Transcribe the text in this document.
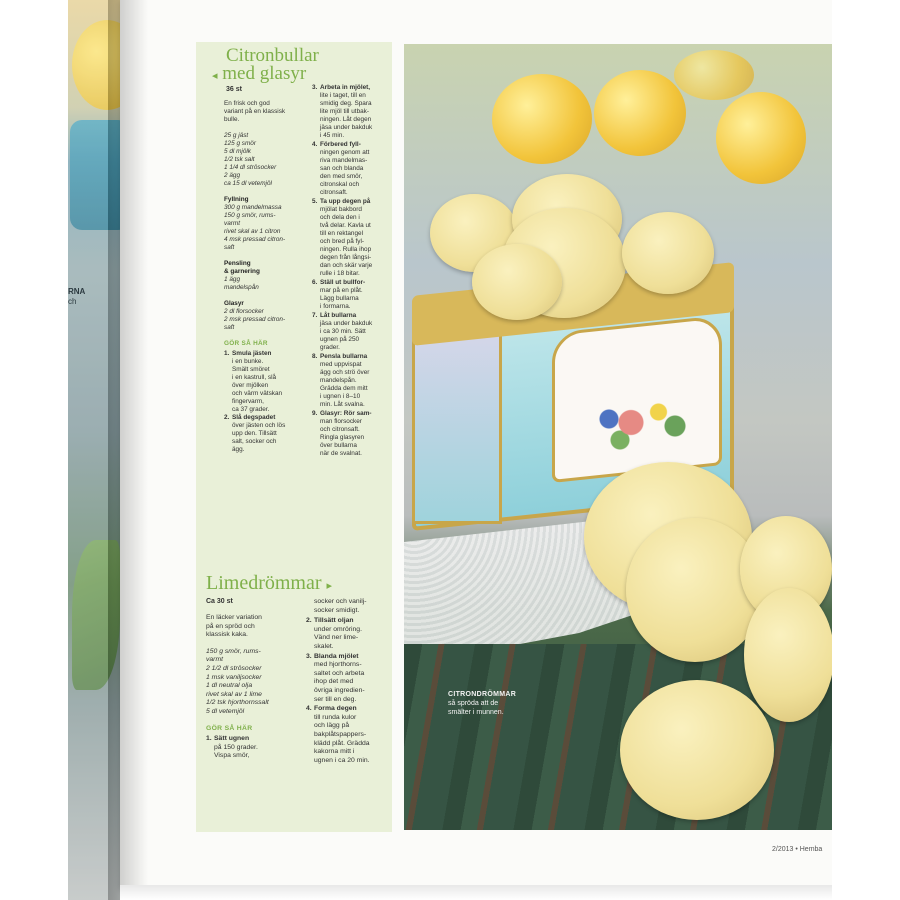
RNA
ch
Citronbullar
◂ med glasyr
36 st

En frisk och god
variant på en klassisk
bulle.

25 g jäst
125 g smör
5 dl mjölk
1/2 tsk salt
1 1/4 dl strösocker
2 ägg
ca 15 dl vetemjöl

Fyllning
300 g mandelmassa
150 g smör, rums-
varmt
rivet skal av 1 citron
4 msk pressad citron-
saft

Pensling
& garnering
1 ägg
mandelspån

Glasyr
2 dl florsocker
2 msk pressad citron-
saft

GÖR SÅ HÄR
1. Smula jästen
i en bunke.
Smält smöret
i en kastrull, slå
över mjölken
och värm vätskan
fingervarm,
ca 37 grader.
2. Slå degspadet
över jästen och lös
upp den. Tillsätt
salt, socker och
ägg.
3. Arbeta in mjölet,
lite i taget, till en
smidig deg. Spara
lite mjöl till utbak-
ningen. Låt degen
jäsa under bakduk
i 45 min.
4. Förbered fyll-
ningen genom att
riva mandelmas-
san och blanda
den med smör,
citronskal och
citronsaft.
5. Ta upp degen på
mjölat bakbord
och dela den i
två delar. Kavla ut
till en rektangel
och bred på fyl-
ningen. Rulla ihop
degen från långsi-
dan och skär varje
rulle i 18 bitar.
6. Ställ ut bullfor-
mar på en plåt.
Lägg bullarna
i formarna.
7. Låt bullarna
jäsa under bakduk
i ca 30 min. Sätt
ugnen på 250
grader.
8. Pensla bullarna
med uppvispat
ägg och strö över
mandelspån.
Grädda dem mitt
i ugnen i 8–10
min. Låt svalna.
9. Glasyr: Rör sam-
man florsocker
och citronsaft.
Ringla glasyren
över bullarna
när de svalnat.
Limedrömmar ▸
Ca 30 st

En läcker variation
på en spröd och
klassisk kaka.

150 g smör, rums-
varmt
2 1/2 dl strösocker
1 msk vaniljsocker
1 dl neutral olja
rivet skal av 1 lime
1/2 tsk hjorthornssalt
5 dl vetemjöl

GÖR SÅ HÄR
1. Sätt ugnen
på 150 grader.
Vispa smör,
socker och vanilj-
socker smidigt.
2. Tillsätt oljan
under omröring.
Vänd ner lime-
skalet.
3. Blanda mjölet
med hjorthorns-
saltet och arbeta
ihop det med
övriga ingredien-
ser till en deg.
4. Forma degen
till runda kulor
och lägg på
bakplåtspappers-
klädd plåt. Grädda
kakorna mitt i
ugnen i ca 20 min.
CITRONDRÖMMAR
så spröda att de
smälter i munnen.
2/2013 • Hemba
